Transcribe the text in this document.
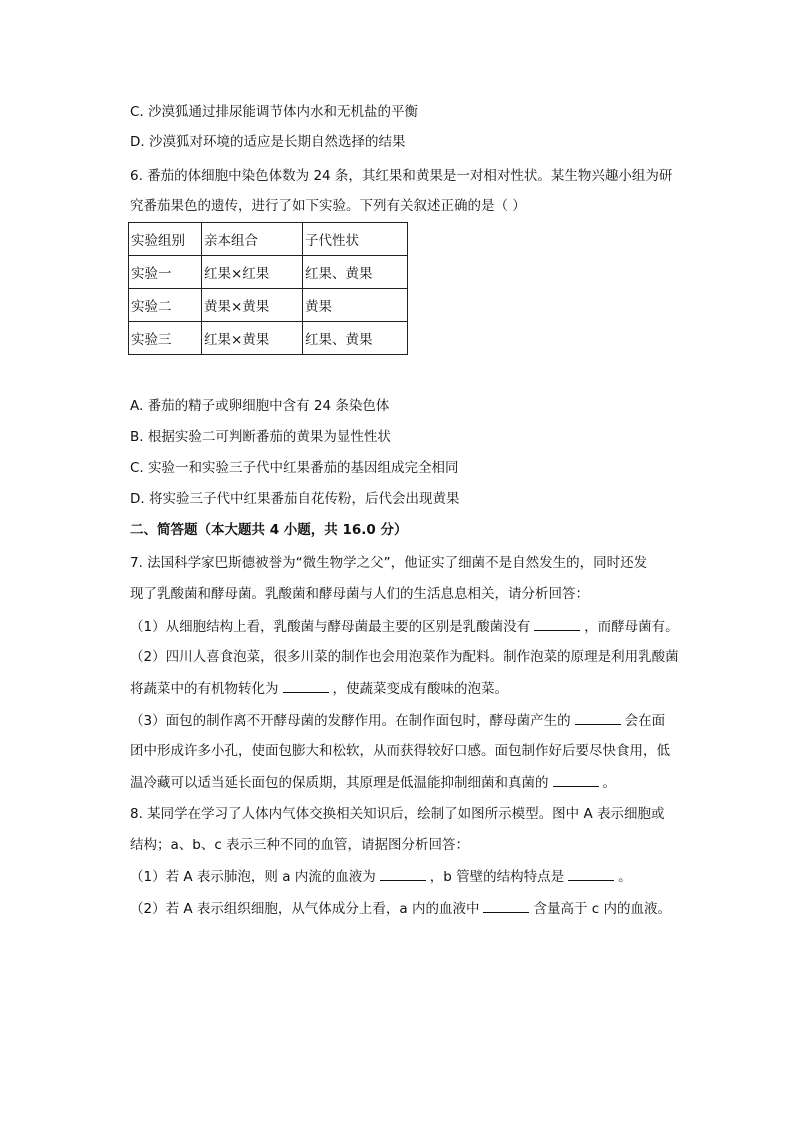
C. 沙漠狐通过排尿能调节体内水和无机盐的平衡
D. 沙漠狐对环境的适应是长期自然选择的结果
6. 番茄的体细胞中染色体数为 24 条，其红果和黄果是一对相对性状。某生物兴趣小组为研
究番茄果色的遗传，进行了如下实验。下列有关叙述正确的是（ ）
实验组别	亲本组合	子代性状
实验一	红果×红果	红果、黄果
实验二	黄果×黄果	黄果
实验三	红果×黄果	红果、黄果
A. 番茄的精子或卵细胞中含有 24 条染色体
B. 根据实验二可判断番茄的黄果为显性性状
C. 实验一和实验三子代中红果番茄的基因组成完全相同
D. 将实验三子代中红果番茄自花传粉，后代会出现黄果
二、简答题（本大题共 4 小题，共 16.0 分）
7. 法国科学家巴斯德被誉为“微生物学之父”，他证实了细菌不是自然发生的，同时还发
现了乳酸菌和酵母菌。乳酸菌和酵母菌与人们的生活息息相关，请分析回答：
（1）从细胞结构上看，乳酸菌与酵母菌最主要的区别是乳酸菌没有	，而酵母菌有。
（2）四川人喜食泡菜，很多川菜的制作也会用泡菜作为配料。制作泡菜的原理是利用乳酸菌
将蔬菜中的有机物转化为	，使蔬菜变成有酸味的泡菜。
（3）面包的制作离不开酵母菌的发酵作用。在制作面包时，酵母菌产生的	会在面
团中形成许多小孔，使面包膨大和松软，从而获得较好口感。面包制作好后要尽快食用，低
温冷藏可以适当延长面包的保质期，其原理是低温能抑制细菌和真菌的	。
8. 某同学在学习了人体内气体交换相关知识后，绘制了如图所示模型。图中 A 表示细胞或
结构；a、b、c 表示三种不同的血管，请据图分析回答：
（1）若 A 表示肺泡，则 a 内流的血液为	，b 管壁的结构特点是	。
（2）若 A 表示组织细胞，从气体成分上看，a 内的血液中	含量高于 c 内的血液。
